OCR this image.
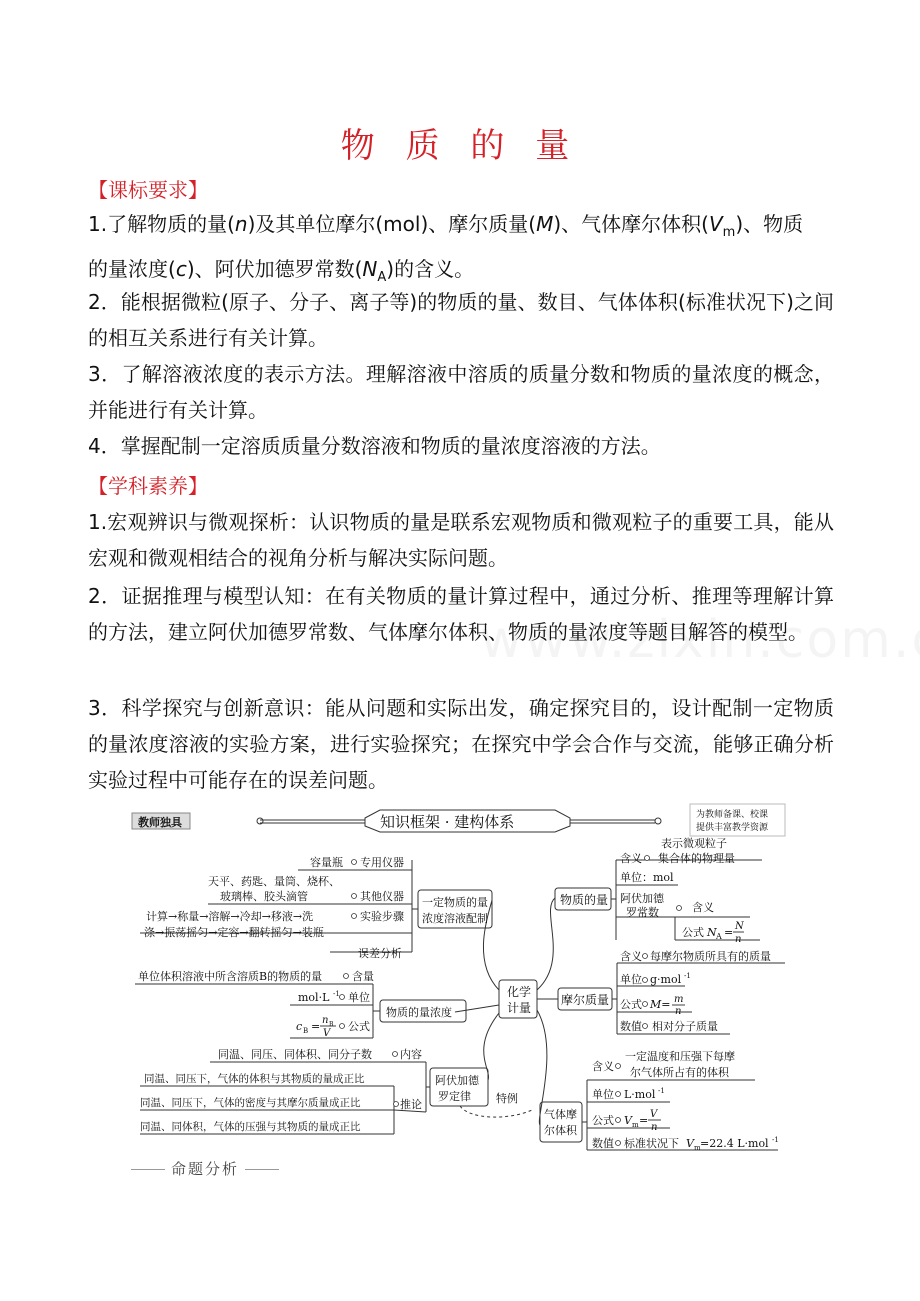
物 质 的 量
【课标要求】
1.了解物质的量(n)及其单位摩尔(mol)、摩尔质量(M)、气体摩尔体积$(V_m)$、物质
的量浓度(c)、阿伏加德罗常数$(N_A)$的含义。
2．能根据微粒(原子、分子、离子等)的物质的量、数目、气体体积(标准状况下)之间的相互关系进行有关计算。
3．了解溶液浓度的表示方法。理解溶液中溶质的质量分数和物质的量浓度的概念，并能进行有关计算。
4．掌握配制一定溶质质量分数溶液和物质的量浓度溶液的方法。
【学科素养】
1.宏观辨识与微观探析：认识物质的量是联系宏观物质和微观粒子的重要工具，能从宏观和微观相结合的视角分析与解决实际问题。
2．证据推理与模型认知：在有关物质的量计算过程中，通过分析、推理等理解计算的方法，建立阿伏加德罗常数、气体摩尔体积、物质的量浓度等题目解答的模型。
3．科学探究与创新意识：能从问题和实际出发，确定探究目的，设计配制一定物质的量浓度溶液的实验方案，进行实验探究；在探究中学会合作与交流，能够正确分析实验过程中可能存在的误差问题。
教师独具	知识框架 · 建构体系	为教师备课、校课
提供丰富教学资源
化学
计量
物质的量
含义
表示微观粒子
集合体的物理量
单位：mol
阿伏加德
罗常数	含义
公式 N A = N
n
摩尔质量
含义 每摩尔物质所具有的质量
单位 g·mol -1
公式 M= m
n
数值 相对分子质量
气体摩
尔体积
含义
一定温度和压强下每摩
尔气体所占有的体积
单位 L·mol -1
公式 V m = V
n
数值 标准状况下 V m =22.4 L·mol -1
一定物质的量
浓度溶液配制
容量瓶 专用仪器
天平、药匙、量筒、烧杯、
玻璃棒、胶头滴管	其他仪器
计算→称量→溶解→冷却→移液→洗
涤→振荡摇匀→定容→翻转摇匀→装瓶
实验步骤
误差分析
物质的量浓度
单位体积溶液中所含溶质B的物质的量	含量
mol·L -1 单位
c B = n B
V
公式
阿伏加德
罗定律
同温、同压、同体积、同分子数	内容
同温、同压下，气体的体积与其物质的量成正比
同温、同压下，气体的密度与其摩尔质量成正比
同温、同体积，气体的压强与其物质的量成正比
推论	特例
命题分析
